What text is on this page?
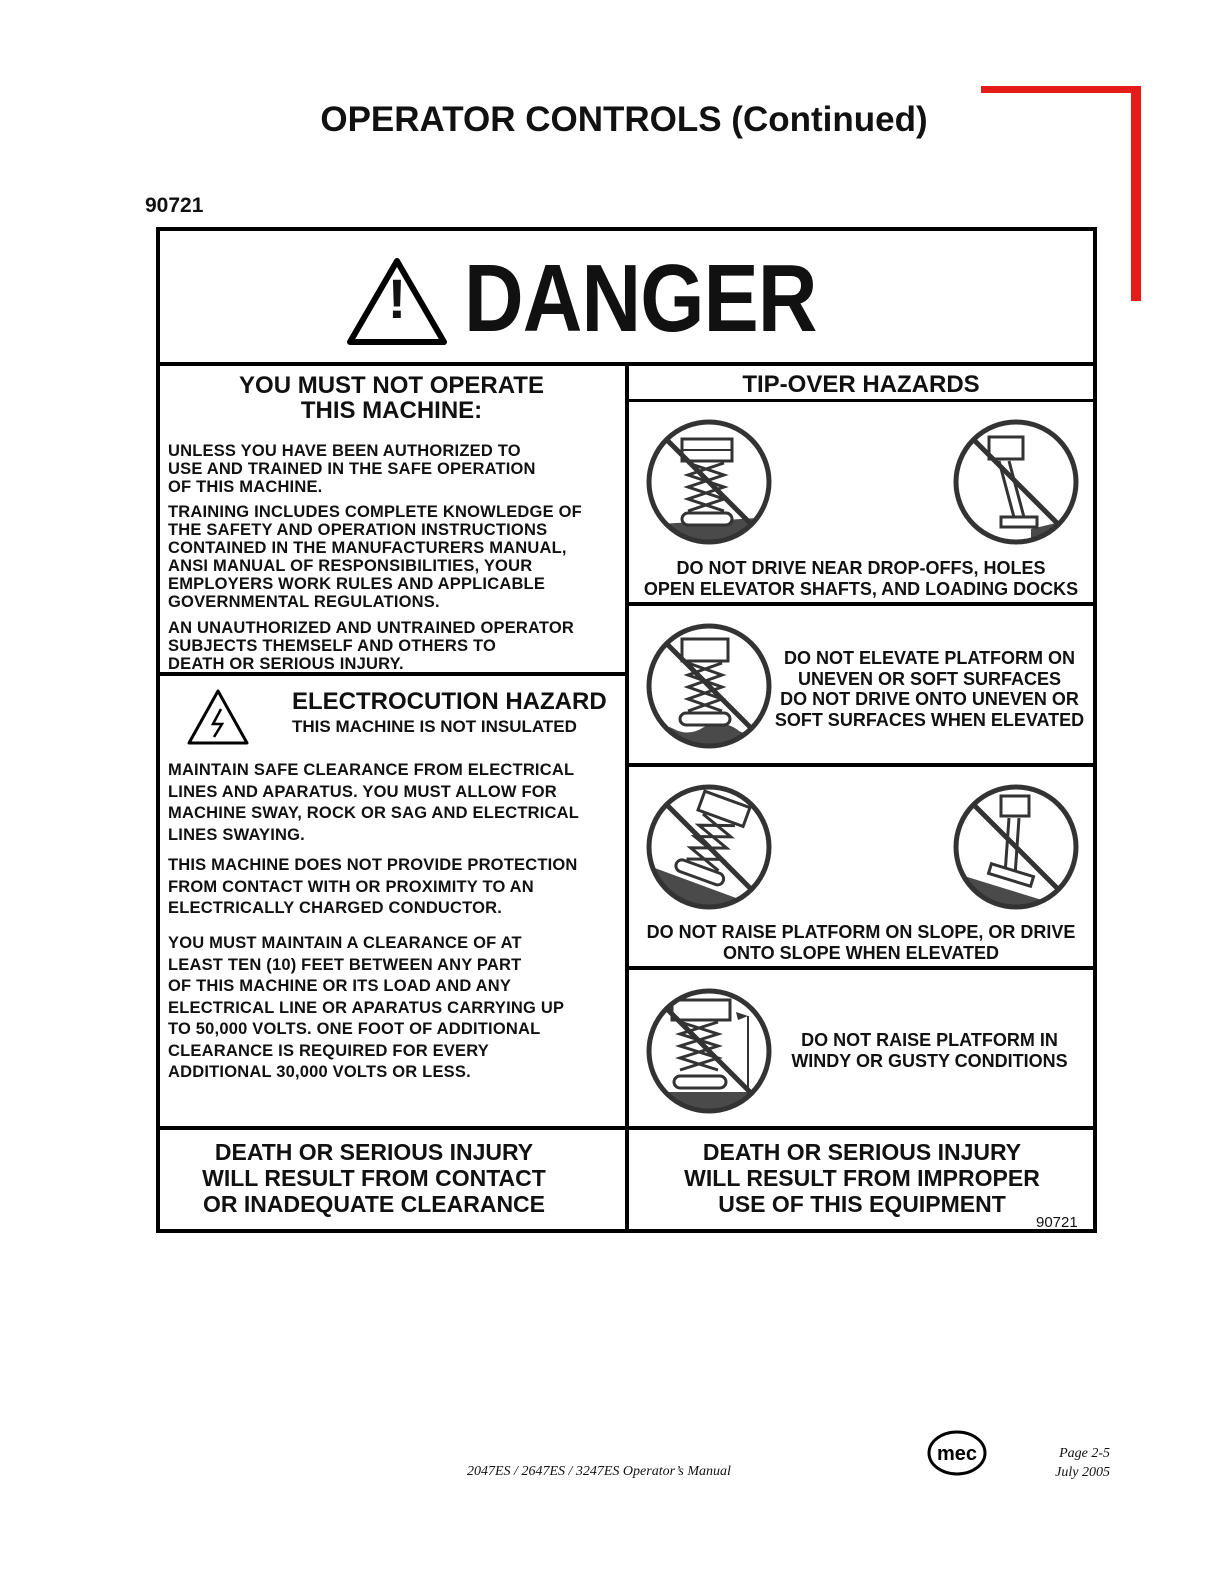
OPERATOR CONTROLS (Continued)
90721
! DANGER
YOU MUST NOT OPERATE
THIS MACHINE:
UNLESS YOU HAVE BEEN AUTHORIZED TO
USE AND TRAINED IN THE SAFE OPERATION
OF THIS MACHINE.
TRAINING INCLUDES COMPLETE KNOWLEDGE OF
THE SAFETY AND OPERATION INSTRUCTIONS
CONTAINED IN THE MANUFACTURERS MANUAL,
ANSI MANUAL OF RESPONSIBILITIES, YOUR
EMPLOYERS WORK RULES AND APPLICABLE
GOVERNMENTAL REGULATIONS.
AN UNAUTHORIZED AND UNTRAINED OPERATOR
SUBJECTS THEMSELF AND OTHERS TO
DEATH OR SERIOUS INJURY.
ELECTROCUTION HAZARD
THIS MACHINE IS NOT INSULATED
MAINTAIN SAFE CLEARANCE FROM ELECTRICAL
LINES AND APARATUS. YOU MUST ALLOW FOR
MACHINE SWAY, ROCK OR SAG AND ELECTRICAL
LINES SWAYING.
THIS MACHINE DOES NOT PROVIDE PROTECTION
FROM CONTACT WITH OR PROXIMITY TO AN
ELECTRICALLY CHARGED CONDUCTOR.
YOU MUST MAINTAIN A CLEARANCE OF AT
LEAST TEN (10) FEET BETWEEN ANY PART
OF THIS MACHINE OR ITS LOAD AND ANY
ELECTRICAL LINE OR APARATUS CARRYING UP
TO 50,000 VOLTS. ONE FOOT OF ADDITIONAL
CLEARANCE IS REQUIRED FOR EVERY
ADDITIONAL 30,000 VOLTS OR LESS.
DEATH OR SERIOUS INJURY
WILL RESULT FROM CONTACT
OR INADEQUATE CLEARANCE
TIP-OVER HAZARDS
DO NOT DRIVE NEAR DROP-OFFS, HOLES
OPEN ELEVATOR SHAFTS, AND LOADING DOCKS
DO NOT ELEVATE PLATFORM ON
UNEVEN OR SOFT SURFACES
DO NOT DRIVE ONTO UNEVEN OR
SOFT SURFACES WHEN ELEVATED
DO NOT RAISE PLATFORM ON SLOPE, OR DRIVE
ONTO SLOPE WHEN ELEVATED
DO NOT RAISE PLATFORM IN
WINDY OR GUSTY CONDITIONS
DEATH OR SERIOUS INJURY
WILL RESULT FROM IMPROPER
USE OF THIS EQUIPMENT
90721
mec
2047ES / 2647ES / 3247ES Operator’s Manual
Page 2-5
July 2005
